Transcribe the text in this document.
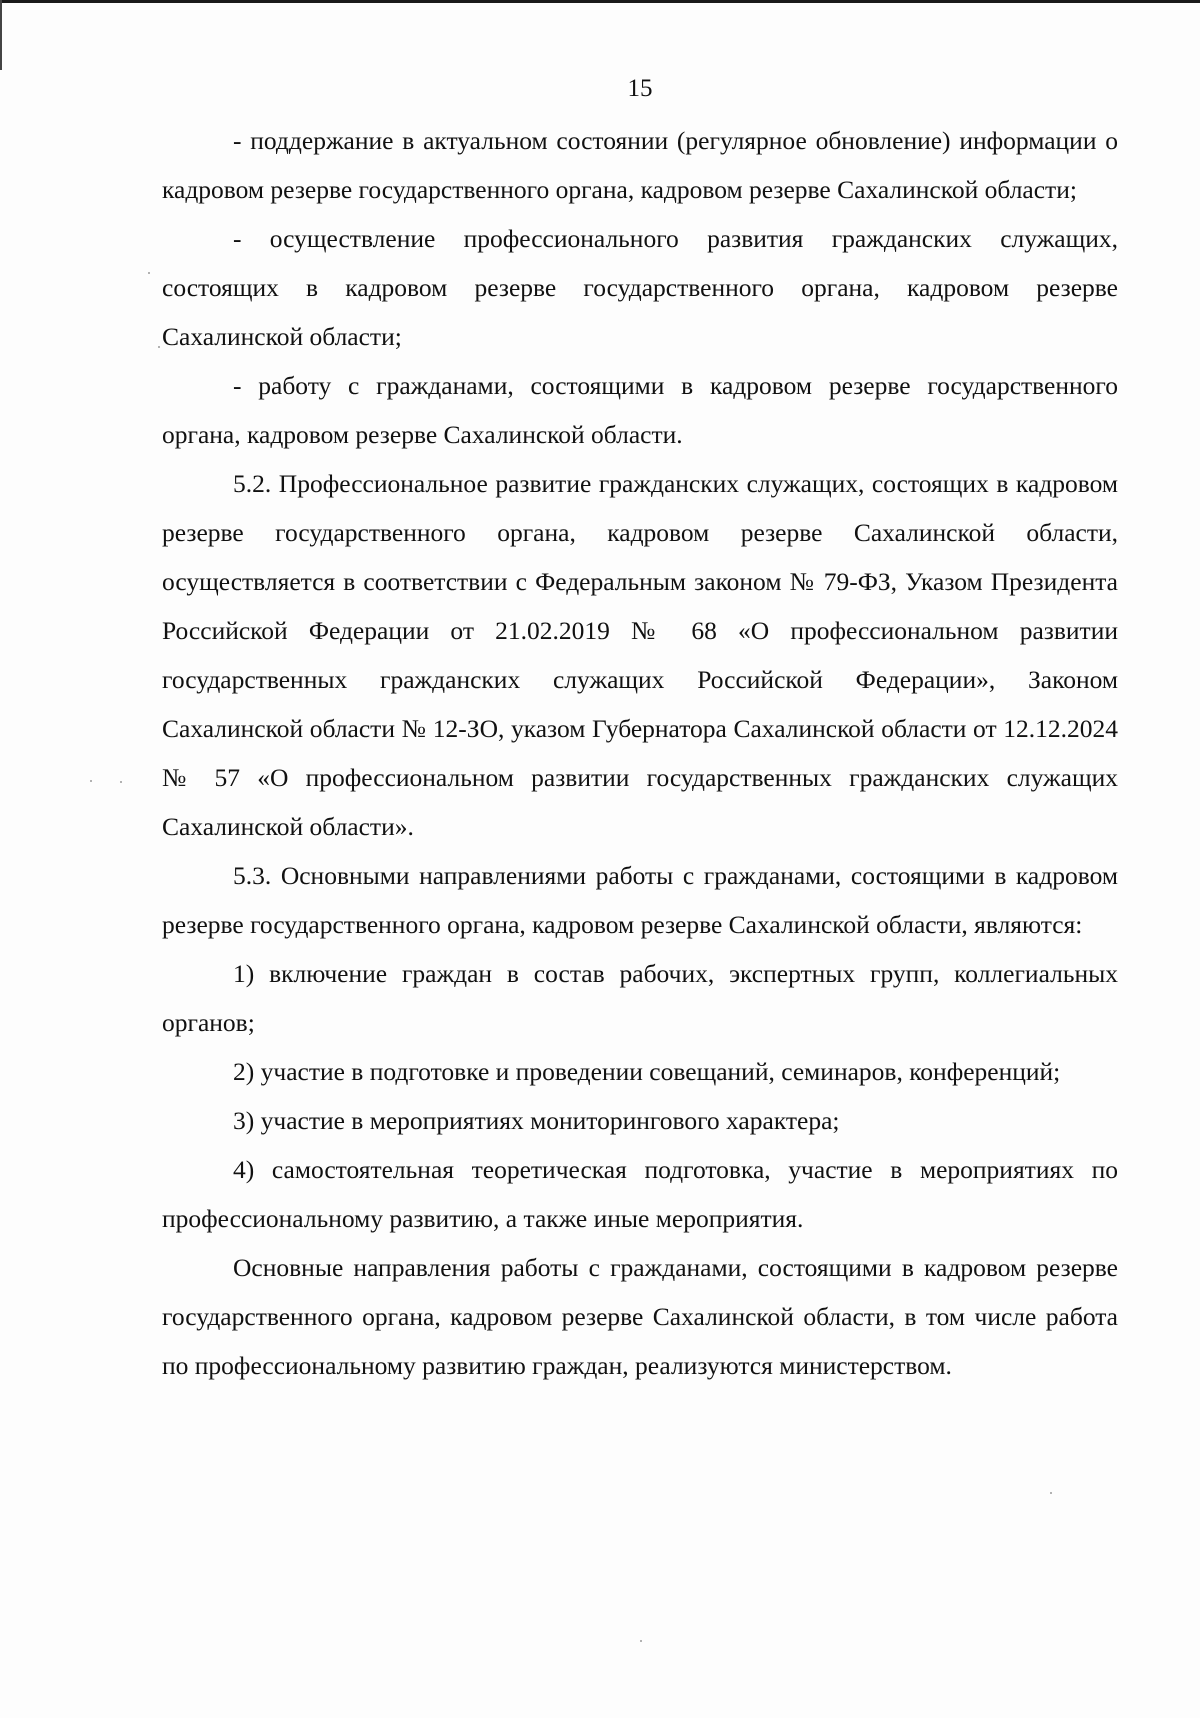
15

- поддержание в актуальном состоянии (регулярное обновление) информации о кадровом резерве государственного органа, кадровом резерве Сахалинской области;

- осуществление профессионального развития гражданских служащих, состоящих в кадровом резерве государственного органа, кадровом резерве Сахалинской области;

- работу с гражданами, состоящими в кадровом резерве государственного органа, кадровом резерве Сахалинской области.

5.2. Профессиональное развитие гражданских служащих, состоящих в кадровом резерве государственного органа, кадровом резерве Сахалинской области, осуществляется в соответствии с Федеральным законом № 79-ФЗ, Указом Президента Российской Федерации от 21.02.2019 № 68 «О профессиональном развитии государственных гражданских служащих Российской Федерации», Законом Сахалинской области № 12-ЗО, указом Губернатора Сахалинской области от 12.12.2024 № 57 «О профессиональном развитии государственных гражданских служащих Сахалинской области».

5.3. Основными направлениями работы с гражданами, состоящими в кадровом резерве государственного органа, кадровом резерве Сахалинской области, являются:

1) включение граждан в состав рабочих, экспертных групп, коллегиальных органов;

2) участие в подготовке и проведении совещаний, семинаров, конференций;

3) участие в мероприятиях мониторингового характера;

4) самостоятельная теоретическая подготовка, участие в мероприятиях по профессиональному развитию, а также иные мероприятия.

Основные направления работы с гражданами, состоящими в кадровом резерве государственного органа, кадровом резерве Сахалинской области, в том числе работа по профессиональному развитию граждан, реализуются министерством.
